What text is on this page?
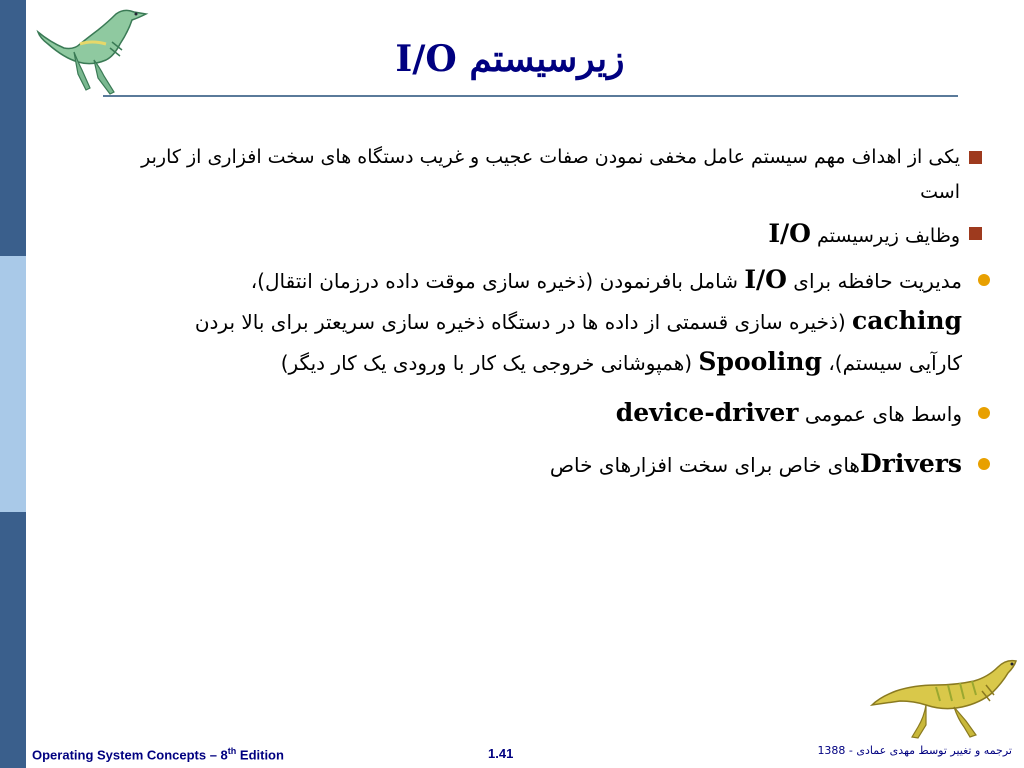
زیرسیستم I/O
یکی از اهداف مهم سیستم عامل مخفی نمودن صفات عجیب و غریب دستگاه های سخت افزاری از کاربر است
وظایف زیرسیستم I/O
مدیریت حافظه برای I/O شامل بافرنمودن (ذخیره سازی موقت داده درزمان انتقال)، caching (ذخیره سازی قسمتی از داده ها در دستگاه ذخیره سازی سریعتر برای بالا بردن کارآیی سیستم)، Spooling (همپوشانی خروجی یک کار با ورودی یک کار دیگر)
واسط های عمومی device-driver
Driversهای خاص برای سخت افزارهای خاص
Operating System Concepts – 8th Edition	1.41	ترجمه و تغییر توسط مهدی عمادی - 1388
